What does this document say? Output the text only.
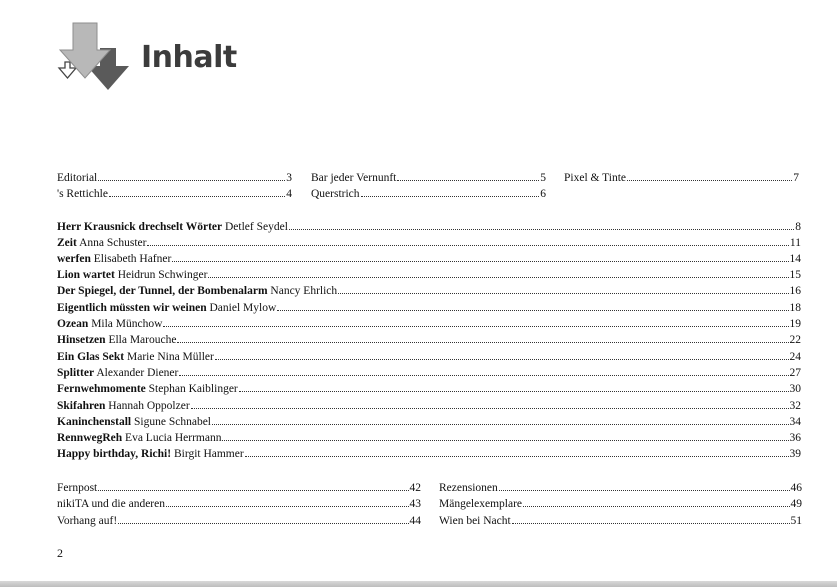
Inhalt
Editorial	3
's Rettichle	4
Bar jeder Vernunft	5
Querstrich	6
Pixel & Tinte	7
Herr Krausnick drechselt Wörter Detlef Seydel	8
Zeit Anna Schuster	11
werfen Elisabeth Hafner	14
Lion wartet Heidrun Schwinger	15
Der Spiegel, der Tunnel, der Bombenalarm Nancy Ehrlich	16
Eigentlich müssten wir weinen Daniel Mylow	18
Ozean Mila Münchow	19
Hinsetzen Ella Marouche	22
Ein Glas Sekt Marie Nina Müller	24
Splitter Alexander Diener	27
Fernwehmomente Stephan Kaiblinger	30
Skifahren Hannah Oppolzer	32
Kaninchenstall Sigune Schnabel	34
RennwegReh Eva Lucia Herrmann	36
Happy birthday, Richi! Birgit Hammer	39
Fernpost	42
nikiTA und die anderen	43
Vorhang auf!	44
Rezensionen	46
Mängelexemplare	49
Wien bei Nacht	51
2
